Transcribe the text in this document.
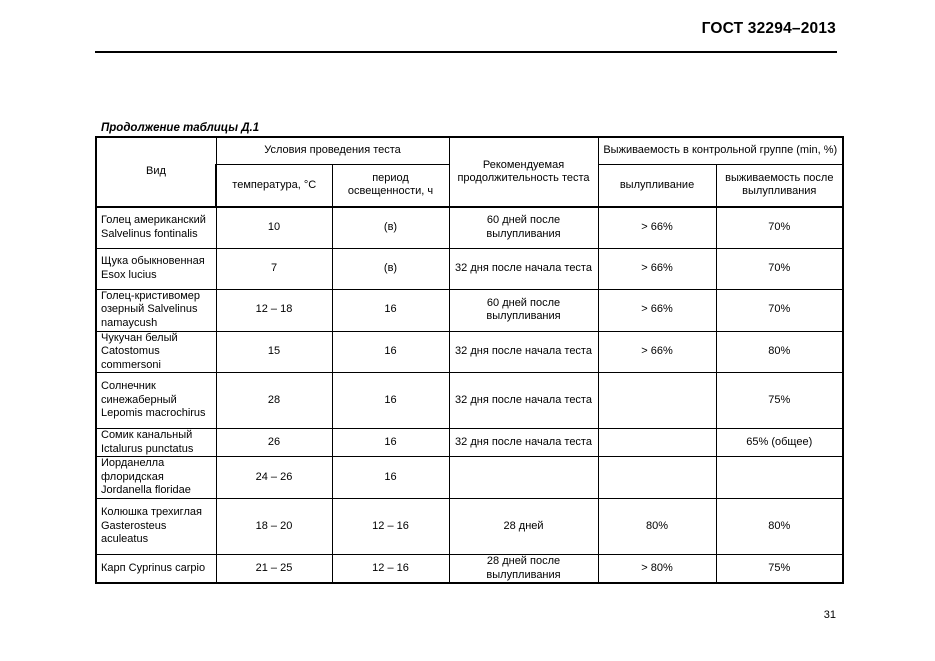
ГОСТ 32294–2013
Продолжение таблицы Д.1
Вид	Условия проведения теста		Рекомендуемая продолжительность теста	Выживаемость в контрольной группе (min, %)	
	температура, °С	период освещенности, ч		вылупливание	выживаемость после вылупливания
Голец американский Salvelinus fontinalis	10	(в)	60 дней после вылупливания	> 66%	70%
Щука обыкновенная Esox lucius	7	(в)	32 дня после начала теста	> 66%	70%
Голец-кристивомер озерный Salvelinus namaycush	12 – 18	16	60 дней после вылупливания	> 66%	70%
Чукучан белый Catostomus commersoni	15	16	32 дня после начала теста	> 66%	80%
Солнечник синежаберный Lepomis macrochirus	28	16	32 дня после начала теста		75%
Сомик канальный Ictalurus punctatus	26	16	32 дня после начала теста		65% (общее)
Иорданелла флоридская Jordanella floridae	24 – 26	16			
Колюшка трехиглая Gasterosteus aculeatus	18 – 20	12 – 16	28 дней	80%	80%
Карп Cyprinus carpio	21 – 25	12 – 16	28 дней после вылупливания	> 80%	75%
31
